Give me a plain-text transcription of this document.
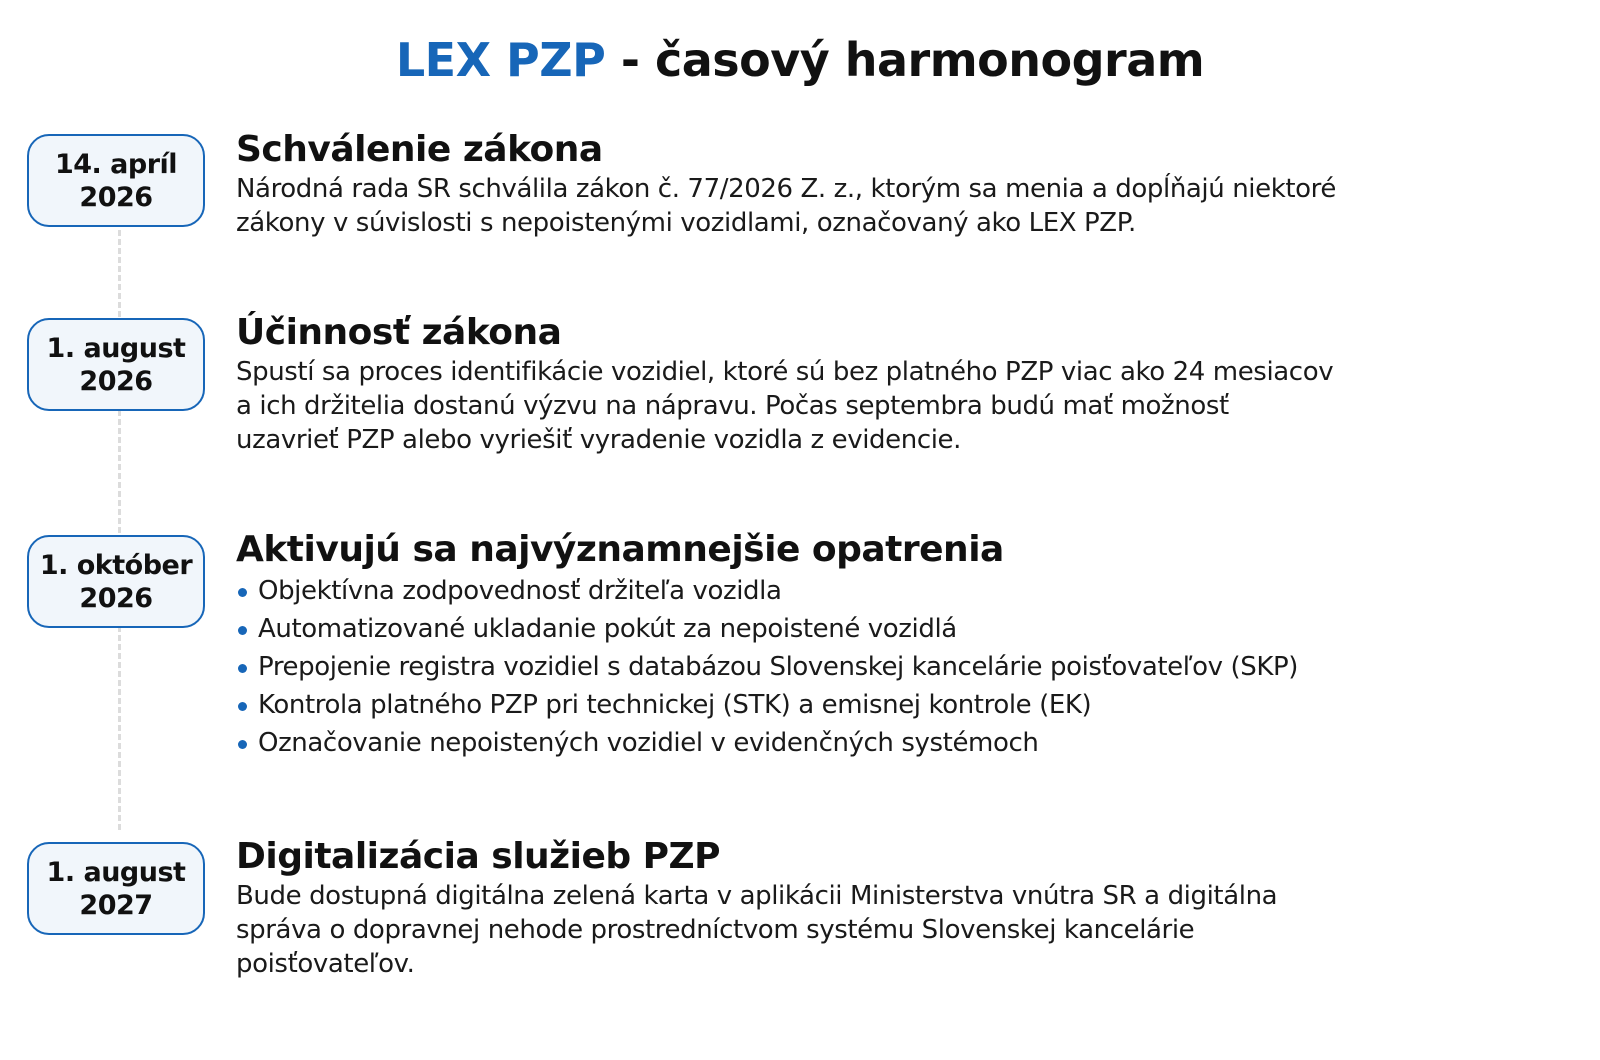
LEX PZP - časový harmonogram
14. apríl
2026
Schválenie zákona
Národná rada SR schválila zákon č. 77/2026 Z. z., ktorým sa menia a dopĺňajú niektoré
zákony v súvislosti s nepoistenými vozidlami, označovaný ako LEX PZP.
1. august
2026
Účinnosť zákona
Spustí sa proces identifikácie vozidiel, ktoré sú bez platného PZP viac ako 24 mesiacov
a ich držitelia dostanú výzvu na nápravu. Počas septembra budú mať možnosť
uzavrieť PZP alebo vyriešiť vyradenie vozidla z evidencie.
1. október
2026
Aktivujú sa najvýznamnejšie opatrenia
Objektívna zodpovednosť držiteľa vozidla
Automatizované ukladanie pokút za nepoistené vozidlá
Prepojenie registra vozidiel s databázou Slovenskej kancelárie poisťovateľov (SKP)
Kontrola platného PZP pri technickej (STK) a emisnej kontrole (EK)
Označovanie nepoistených vozidiel v evidenčných systémoch
1. august
2027
Digitalizácia služieb PZP
Bude dostupná digitálna zelená karta v aplikácii Ministerstva vnútra SR a digitálna
správa o dopravnej nehode prostredníctvom systému Slovenskej kancelárie
poisťovateľov.
